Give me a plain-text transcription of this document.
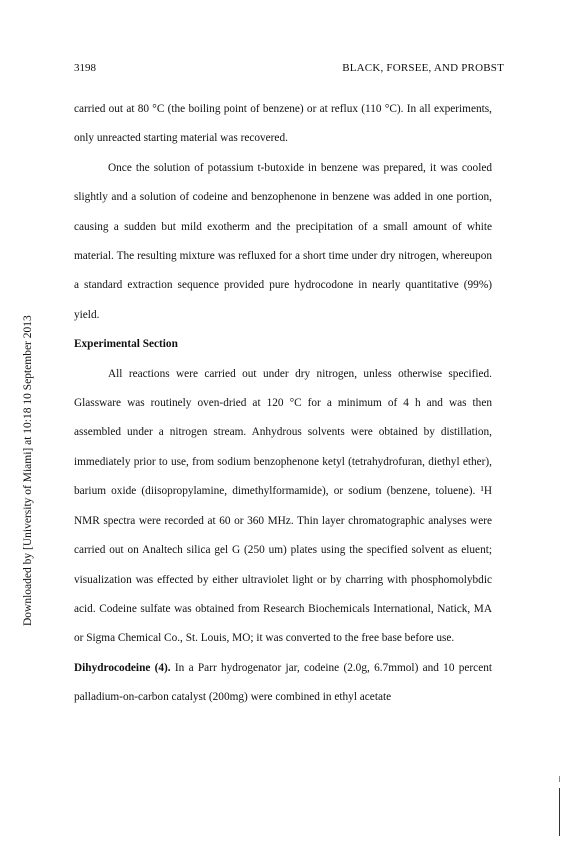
3198	BLACK, FORSEE, AND PROBST
Downloaded by [University of Miami] at 10:18 10 September 2013

carried out at 80 °C (the boiling point of benzene) or at reflux (110 °C). In all experiments, only unreacted starting material was recovered.

Once the solution of potassium t-butoxide in benzene was prepared, it was cooled slightly and a solution of codeine and benzophenone in benzene was added in one portion, causing a sudden but mild exotherm and the precipitation of a small amount of white material. The resulting mixture was refluxed for a short time under dry nitrogen, whereupon a standard extraction sequence provided pure hydrocodone in nearly quantitative (99%) yield.

Experimental Section

All reactions were carried out under dry nitrogen, unless otherwise specified. Glassware was routinely oven-dried at 120 °C for a minimum of 4 h and was then assembled under a nitrogen stream. Anhydrous solvents were obtained by distillation, immediately prior to use, from sodium benzophenone ketyl (tetrahydrofuran, diethyl ether), barium oxide (diisopropylamine, dimethylformamide), or sodium (benzene, toluene). ¹H NMR spectra were recorded at 60 or 360 MHz. Thin layer chromatographic analyses were carried out on Analtech silica gel G (250 um) plates using the specified solvent as eluent; visualization was effected by either ultraviolet light or by charring with phosphomolybdic acid. Codeine sulfate was obtained from Research Biochemicals International, Natick, MA or Sigma Chemical Co., St. Louis, MO; it was converted to the free base before use.

Dihydrocodeine (4). In a Parr hydrogenator jar, codeine (2.0g, 6.7mmol) and 10 percent palladium-on-carbon catalyst (200mg) were combined in ethyl acetate
